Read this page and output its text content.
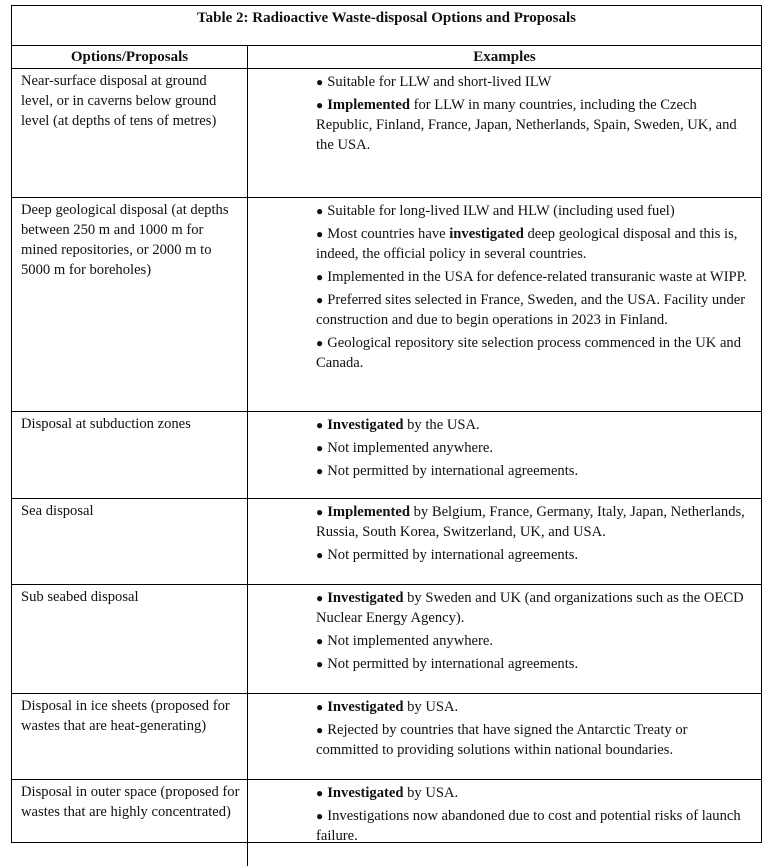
Table 2: Radioactive Waste-disposal Options and Proposals
Options/Proposals	Examples
Near-surface disposal at ground level, or in caverns below ground level (at depths of tens of metres)
● Suitable for LLW and short-lived ILW
● Implemented for LLW in many countries, including the Czech Republic, Finland, France, Japan, Netherlands, Spain, Sweden, UK, and the USA.
Deep geological disposal (at depths between 250 m and 1000 m for mined repositories, or 2000 m to 5000 m for boreholes)
● Suitable for long-lived ILW and HLW (including used fuel)
● Most countries have investigated deep geological disposal and this is, indeed, the official policy in several countries.
● Implemented in the USA for defence-related transuranic waste at WIPP.
● Preferred sites selected in France, Sweden, and the USA. Facility under construction and due to begin operations in 2023 in Finland.
● Geological repository site selection process commenced in the UK and Canada.
Disposal at subduction zones	● Investigated by the USA.
● Not implemented anywhere.
● Not permitted by international agreements.
Sea disposal	● Implemented by Belgium, France, Germany, Italy, Japan, Netherlands, Russia, South Korea, Switzerland, UK, and USA.
● Not permitted by international agreements.
Sub seabed disposal	● Investigated by Sweden and UK (and organizations such as the OECD Nuclear Energy Agency).
● Not implemented anywhere.
● Not permitted by international agreements.
Disposal in ice sheets (proposed for wastes that are heat-generating)
● Investigated by USA.
● Rejected by countries that have signed the Antarctic Treaty or committed to providing solutions within national boundaries.
Disposal in outer space (proposed for wastes that are highly concentrated)
● Investigated by USA.
● Investigations now abandoned due to cost and potential risks of launch failure.
